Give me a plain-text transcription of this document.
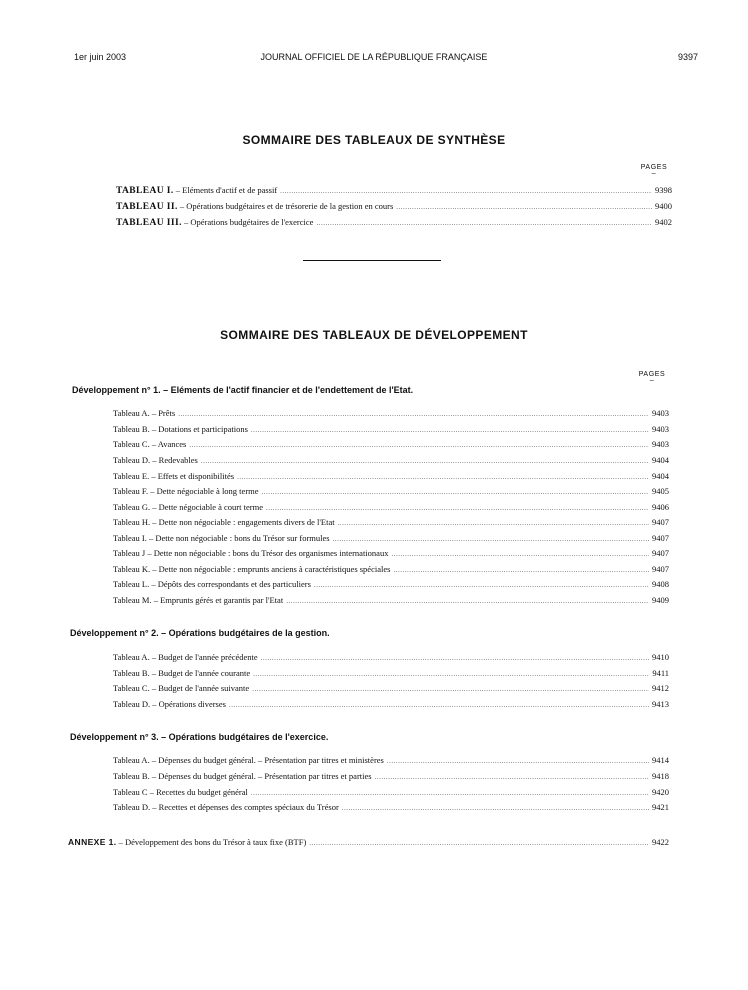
1er juin 2003	JOURNAL OFFICIEL DE LA RÉPUBLIQUE FRANÇAISE	9397
SOMMAIRE DES TABLEAUX DE SYNTHÈSE
PAGES
–
TABLEAU I. – Eléments d'actif et de passif .....	9398
TABLEAU II. – Opérations budgétaires et de trésorerie de la gestion en cours .....	9400
TABLEAU III. – Opérations budgétaires de l'exercice .....	9402
SOMMAIRE DES TABLEAUX DE DÉVELOPPEMENT
PAGES
–
Développement n° 1. – Eléments de l'actif financier et de l'endettement de l'Etat.
Tableau A. – Prêts .....	9403
Tableau B. – Dotations et participations .....	9403
Tableau C. – Avances .....	9403
Tableau D. – Redevables .....	9404
Tableau E. – Effets et disponibilités .....	9404
Tableau F. – Dette négociable à long terme .....	9405
Tableau G. – Dette négociable à court terme .....	9406
Tableau H. – Dette non négociable : engagements divers de l'Etat .....	9407
Tableau I. – Dette non négociable : bons du Trésor sur formules .....	9407
Tableau J – Dette non négociable : bons du Trésor des organismes internationaux .....	9407
Tableau K. – Dette non négociable : emprunts anciens à caractéristiques spéciales .....	9407
Tableau L. – Dépôts des correspondants et des particuliers .....	9408
Tableau M. – Emprunts gérés et garantis par l'Etat .....	9409
Développement n° 2. – Opérations budgétaires de la gestion.
Tableau A. – Budget de l'année précédente .....	9410
Tableau B. – Budget de l'année courante .....	9411
Tableau C. – Budget de l'année suivante .....	9412
Tableau D. – Opérations diverses .....	9413
Développement n° 3. – Opérations budgétaires de l'exercice.
Tableau A. – Dépenses du budget général. – Présentation par titres et ministères .....	9414
Tableau B. – Dépenses du budget général. – Présentation par titres et parties .....	9418
Tableau C – Recettes du budget général .....	9420
Tableau D. – Recettes et dépenses des comptes spéciaux du Trésor .....	9421
ANNEXE 1. – Développement des bons du Trésor à taux fixe (BTF) .....	9422
